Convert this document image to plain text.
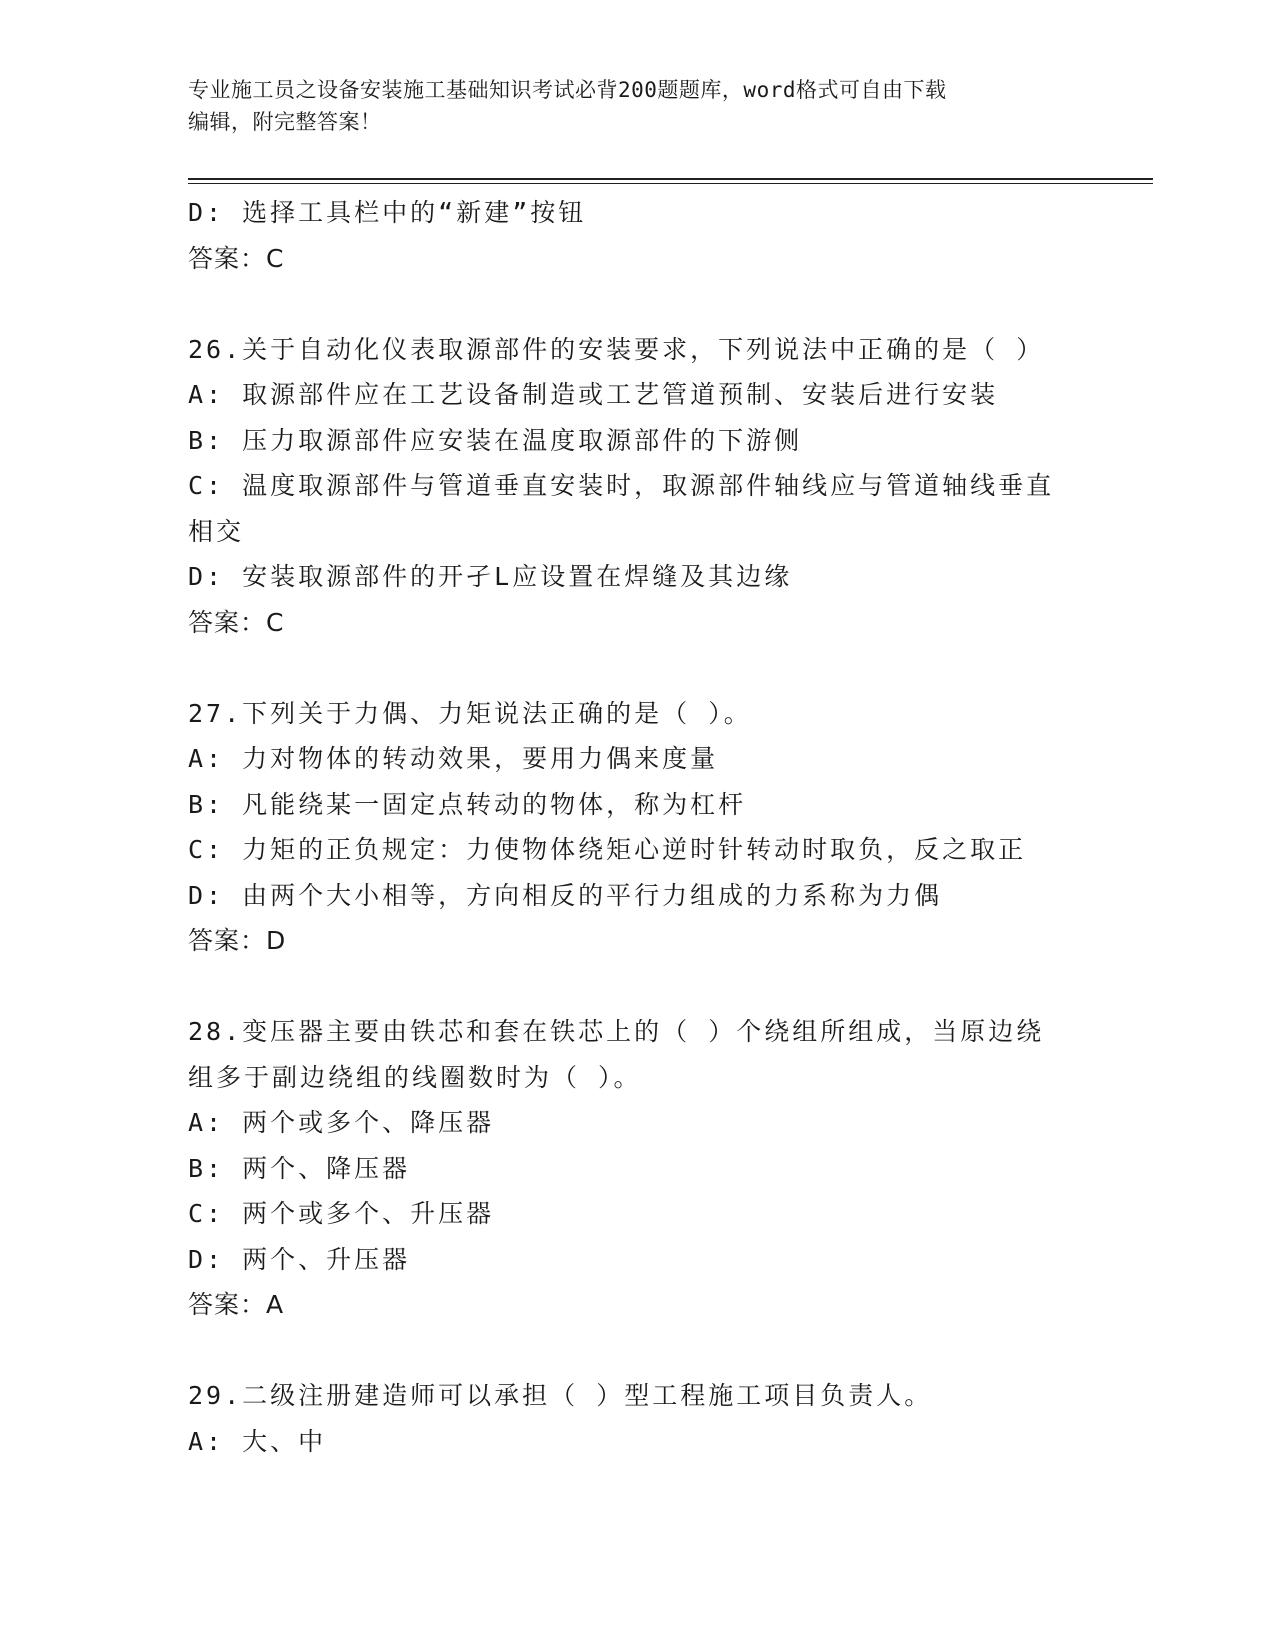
专业施工员之设备安装施工基础知识考试必背200题题库，word格式可自由下载
编辑，附完整答案！
D: 选择工具栏中的“新建”按钮
答案：C
26.关于自动化仪表取源部件的安装要求，下列说法中正确的是（ ）
A: 取源部件应在工艺设备制造或工艺管道预制、安装后进行安装
B: 压力取源部件应安装在温度取源部件的下游侧
C: 温度取源部件与管道垂直安装时，取源部件轴线应与管道轴线垂直
相交
D: 安装取源部件的开孑L应设置在焊缝及其边缘
答案：C
27.下列关于力偶、力矩说法正确的是（ ）。
A: 力对物体的转动效果，要用力偶来度量
B: 凡能绕某一固定点转动的物体，称为杠杆
C: 力矩的正负规定：力使物体绕矩心逆时针转动时取负，反之取正
D: 由两个大小相等，方向相反的平行力组成的力系称为力偶
答案：D
28.变压器主要由铁芯和套在铁芯上的（ ）个绕组所组成，当原边绕
组多于副边绕组的线圈数时为（ ）。
A: 两个或多个、降压器
B: 两个、降压器
C: 两个或多个、升压器
D: 两个、升压器
答案：A
29.二级注册建造师可以承担（ ）型工程施工项目负责人。
A: 大、中
